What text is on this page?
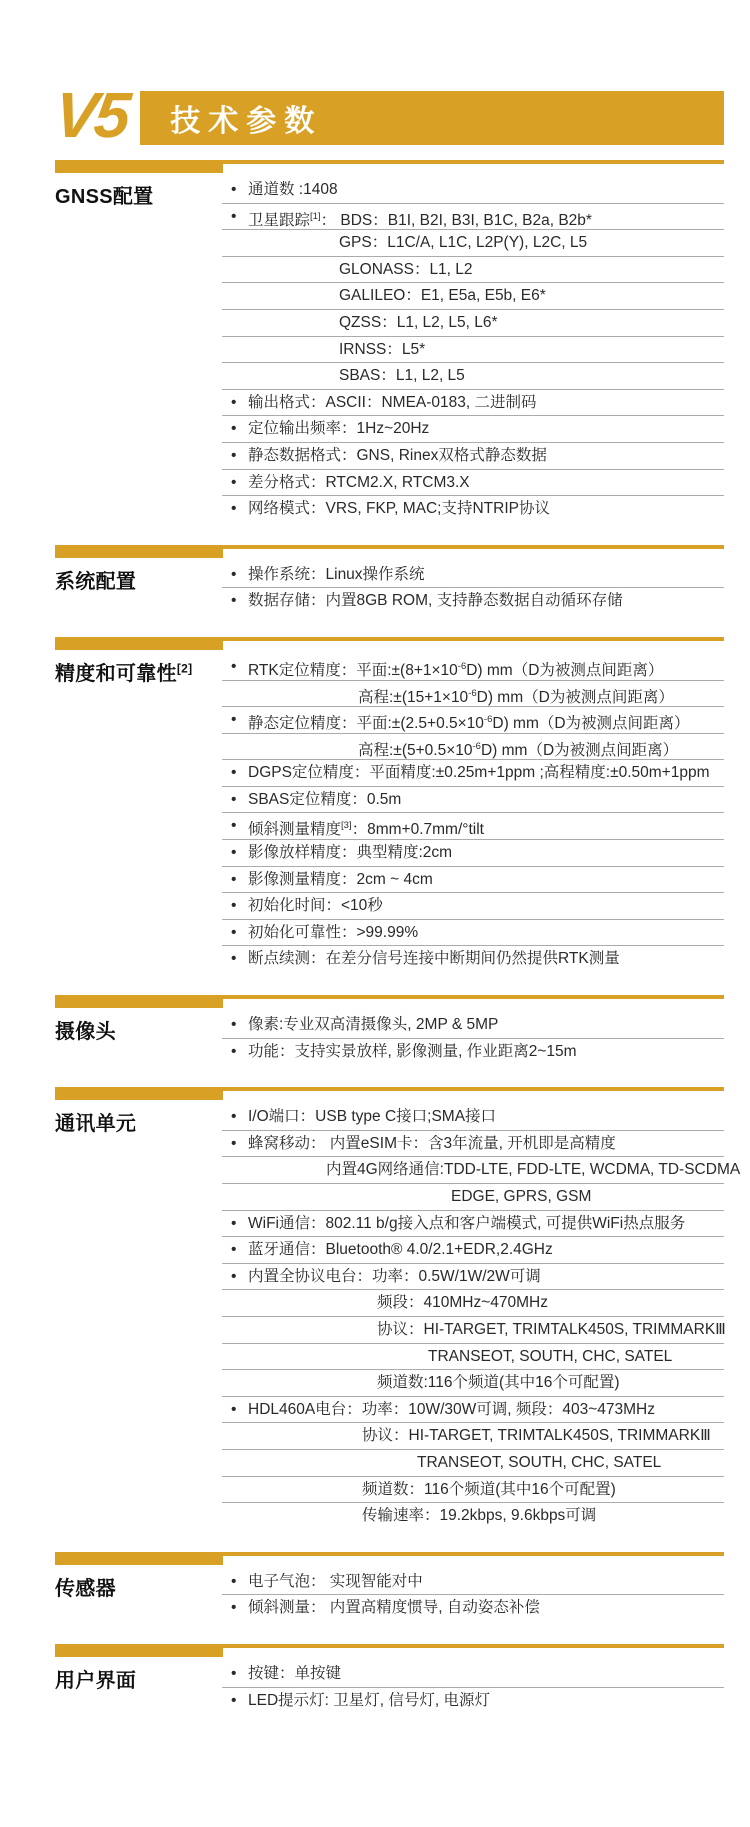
V5 技术参数
GNSS配置	• 通道数 :1408
• 卫星跟踪[1]： BDS：B1I, B2I, B3I, B1C, B2a, B2b*
GPS：L1C/A, L1C, L2P(Y), L2C, L5
GLONASS：L1, L2
GALILEO：E1, E5a, E5b, E6*
QZSS：L1, L2, L5, L6*
IRNSS：L5*
SBAS：L1, L2, L5
• 输出格式：ASCII：NMEA-0183, 二进制码
• 定位输出频率：1Hz~20Hz
• 静态数据格式：GNS, Rinex双格式静态数据
• 差分格式：RTCM2.X, RTCM3.X
• 网络模式：VRS, FKP, MAC;支持NTRIP协议
系统配置	• 操作系统：Linux操作系统
• 数据存储：内置8GB ROM, 支持静态数据自动循环存储
精度和可靠性[2]	• RTK定位精度：平面$:\pm(8+1\times 10^{-6}D)$ mm（D为被测点间距离）
高程$:\pm(15+1\times 10^{-6}D)$ mm（D为被测点间距离）
• 静态定位精度：平面$:\pm(2.5+0.5\times 10^{-6}D)$ mm（D为被测点间距离）
高程$:\pm(5+0.5\times 10^{-6}D)$ mm（D为被测点间距离）
• DGPS定位精度：平面精度:±0.25m+1ppm ;高程精度:±0.50m+1ppm
• SBAS定位精度：0.5m
• 倾斜测量精度[3]：8mm+0.7mm/°tilt
• 影像放样精度：典型精度:2cm
• 影像测量精度：2cm ~ 4cm
• 初始化时间：<10秒
• 初始化可靠性：>99.99%
• 断点续测：在差分信号连接中断期间仍然提供RTK测量
摄像头	• 像素:专业双高清摄像头, 2MP & 5MP
• 功能：支持实景放样, 影像测量, 作业距离2~15m
通讯单元	• I/O端口：USB type C接口;SMA接口
• 蜂窝移动： 内置eSIM卡：含3年流量, 开机即是高精度
内置4G网络通信:TDD-LTE, FDD-LTE, WCDMA, TD-SCDMA
EDGE, GPRS, GSM
• WiFi通信：802.11 b/g接入点和客户端模式, 可提供WiFi热点服务
• 蓝牙通信：Bluetooth® 4.0/2.1+EDR,2.4GHz
• 内置全协议电台：功率：0.5W/1W/2W可调
频段：410MHz~470MHz
协议：HI-TARGET, TRIMTALK450S, TRIMMARKⅢ
TRANSEOT, SOUTH, CHC, SATEL
频道数:116个频道(其中16个可配置)
• HDL460A电台：功率：10W/30W可调, 频段：403~473MHz
协议：HI-TARGET, TRIMTALK450S, TRIMMARKⅢ
TRANSEOT, SOUTH, CHC, SATEL
频道数：116个频道(其中16个可配置)
传输速率：19.2kbps, 9.6kbps可调
传感器	• 电子气泡： 实现智能对中
• 倾斜测量： 内置高精度惯导, 自动姿态补偿
用户界面	• 按键：单按键
• LED提示灯: 卫星灯, 信号灯, 电源灯
